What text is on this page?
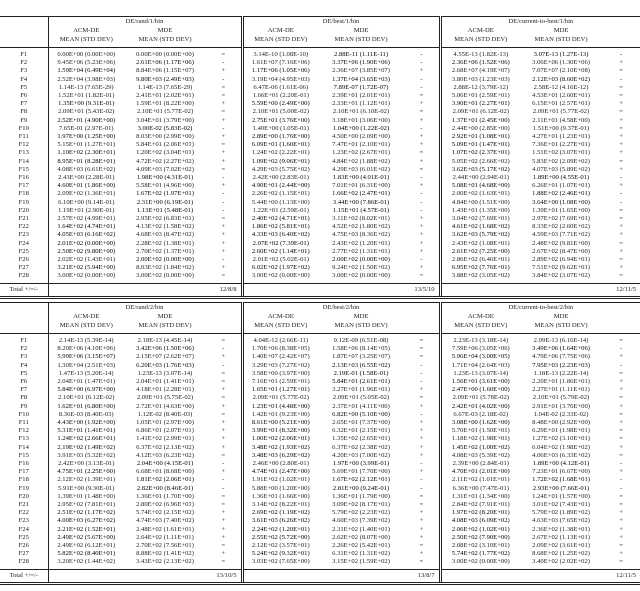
	DE/rand/1/bin			DE/best/1/bin			DE/current-to-best/1/bin		
	ACM-DE	MDE		ACM-DE	MDE		ACM-DE	MDE	
	MEAN (STD DEV)	MEAN (STD DEV)		MEAN (STD DEV)	MEAN (STD DEV)		MEAN (STD DEV)	MEAN (STD DEV)	
F1	0.00E+00 (0.00E+00)	0.00E+00 (0.00E+00)	=	3.14E-10 (1.08E-10)	2.88E-11 (1.11E-11)	-	4.55E-13 (1.82E-13)	3.07E-13 (1.27E-13)	-
F2	9.45E+06 (5.23E+06)	2.61E+06 (1.17E+06)	-	1.61E+07 (7.16E+06)	3.37E+06 (1.90E+06)	-	2.36E+06 (1.52E+06)	3.06E+06 (1.30E+06)	+
F3	1.59E+04 (6.49E+04)	8.84E+06 (1.15E+07)	+	1.17E+06 (1.05E+06)	2.36E+07 (3.85E+07)	+	2.68E+07 (4.19E+07)	7.07E+07 (2.10E+08)	=
F4	2.52E+04 (3.98E+03)	9.80E+03 (2.49E+03)	-	3.19E+04 (4.95E+03)	1.37E+04 (3.65E+03)	-	3.80E+03 (1.23E+03)	2.12E+03 (8.60E+02)	-
F5	1.14E-13 (7.65E-29)	1.14E-13 (7.65E-29)	=	6.47E-06 (1.61E-06)	7.89E-07 (1.72E-07)	-	2.88E-12 (3.79E-12)	2.58E-12 (4.16E-12)	=
F6	1.52E+01 (1.82E-01)	2.41E+01 (2.02E+01)	=	1.66E+01 (2.20E-01)	2.39E+01 (2.01E+01)	=	5.06E+01 (2.59E+01)	4.53E+01 (2.60E+01)	=
F7	1.35E+00 (9.31E-01)	1.59E+01 (8.22E+00)	+	5.59E+00 (2.49E+00)	2.33E+01 (1.12E+01)	+	3.90E+01 (2.27E+01)	6.15E+01 (2.57E+01)	+
F8	2.09E+01 (5.43E-02)	2.10E+01 (5.77E-02)	=	2.10E+01 (5.00E-02)	2.10E+01 (6.10E-02)	=	2.09E+01 (6.12E-02)	2.09E+01 (5.77E-02)	=
F9	2.52E+01 (4.90E+00)	3.04E+01 (3.79E+00)	+	2.75E+01 (3.76E+00)	3.18E+01 (3.06E+00)	+	1.37E+01 (2.45E+00)	2.11E+01 (4.58E+00)	+
F10	7.65E-01 (2.97E-01)	3.00E-02 (5.83E-02)	-	1.40E+00 (1.05E-01)	1.04E+00 (1.22E-02)	-	2.44E+00 (2.85E+00)	1.51E+00 (9.37E-01)	=
F11	1.97E+00 (1.25E+00)	8.03E+00 (2.99E+00)	+	2.89E+00 (1.76E+00)	4.50E+00 (2.09E+00)	+	2.92E+01 (1.08E+01)	4.27E+01 (1.23E+01)	+
F12	5.15E+01 (1.27E+01)	5.84E+01 (2.06E+01)	=	6.09E+01 (1.60E+01)	7.47E+01 (2.10E+01)	+	5.09E+01 (1.47E+01)	7.36E+01 (2.27E+01)	+
F13	1.10E+02 (2.30E+01)	1.20E+02 (3.04E+01)	+	1.24E+02 (2.22E+01)	1.23E+02 (2.67E+01)	=	1.07E+02 (2.37E+01)	1.51E+02 (3.07E+01)	+
F14	8.95E+01 (8.28E+01)	4.72E+02 (2.27E+02)	+	1.09E+02 (9.06E+01)	4.84E+02 (1.88E+02)	+	5.05E+02 (2.66E+02)	5.83E+02 (2.09E+02)	=
F15	4.08E+03 (6.61E+02)	4.09E+03 (7.02E+02)	=	4.29E+03 (5.75E+02)	4.29E+03 (6.01E+02)	=	3.62E+03 (5.17E+02)	4.07E+03 (5.89E+02)	+
F16	2.43E+00 (2.28E-01)	1.98E+00 (4.31E-01)	-	2.42E+00 (2.83E-01)	1.83E+00 (4.01E-01)	-	2.44E+00 (2.94E-01)	1.89E+00 (4.55E-01)	-
F17	4.60E+01 (1.86E+00)	5.58E+01 (4.96E+00)	+	4.90E+01 (2.44E+00)	7.01E+01 (6.31E+00)	+	5.08E+01 (4.68E+00)	6.26E+01 (1.07E+01)	+
F18	2.09E+02 (1.36E+01)	1.67E+02 (1.97E+01)	-	2.26E+02 (1.15E+01)	1.66E+02 (2.47E+01)	-	2.00E+02 (1.63E+01)	1.88E+02 (2.46E+01)	-
F19	6.10E+00 (9.14E-01)	2.31E+00 (6.19E-01)	-	5.44E+00 (1.13E+00)	3.44E+00 (7.86E-01)	-	4.84E+00 (1.51E+00)	3.64E+00 (1.08E+00)	-
F20	1.19E+01 (2.90E-01)	1.13E+01 (5.48E-01)	-	1.22E+01 (2.59E-01)	1.15E+01 (4.57E-01)	-	1.43E+01 (1.35E+00)	1.39E+01 (1.65E+00)	=
F21	2.57E+02 (4.99E+01)	2.95E+02 (6.83E+01)	=	2.40E+02 (4.71E+01)	3.11E+02 (8.02E+01)	+	3.04E+02 (7.69E+01)	2.97E+02 (7.69E+01)	=
F22	1.64E+02 (4.74E+01)	4.13E+02 (1.58E+02)	+	1.86E+02 (5.81E+01)	4.52E+02 (1.80E+02)	+	4.61E+02 (1.68E+02)	8.33E+02 (2.60E+02)	+
F23	4.05E+03 (6.16E+02)	4.68E+03 (8.47E+02)	+	4.33E+03 (6.40E+02)	4.75E+03 (8.36E+02)	+	3.62E+03 (5.79E+02)	4.59E+03 (7.71E+02)	+
F24	2.01E+02 (0.00E+00)	2.28E+02 (1.38E+01)	+	2.07E+02 (7.39E-01)	2.43E+02 (1.20E+01)	+	2.43E+02 (1.08E+01)	2.48E+02 (9.81E+00)	=
F25	2.50E+02 (9.80E+00)	2.70E+02 (1.37E+01)	+	2.60E+02 (1.14E+01)	2.77E+02 (1.31E+01)	+	2.61E+02 (7.25E+00)	2.67E+02 (8.47E+00)	+
F26	2.02E+02 (1.43E+01)	2.00E+02 (0.00E+00)	-	2.01E+02 (5.02E-01)	2.00E+02 (0.00E+00)	-	2.86E+02 (6.46E+01)	2.89E+02 (6.94E+01)	=
F27	3.21E+02 (5.94E+00)	8.03E+02 (1.84E+02)	+	6.02E+02 (1.97E+02)	9.24E+02 (1.50E+02)	+	6.95E+02 (7.76E+01)	7.51E+02 (9.62E+01)	+
F28	3.00E+02 (0.00E+00)	3.00E+02 (0.00E+00)	=	3.00E+02 (0.00E+00)	3.00E+02 (0.00E+00)	=	3.88E+02 (3.05E+02)	3.84E+02 (3.07E+02)	=
Total +/=/-	12/8/8			13/5/10			12/11/5		
	DE/rand/2/bin			DE/best/2/bin			DE/current-to-best/2/bin		
	ACM-DE	MDE		ACM-DE	MDE		ACM-DE	MDE	
	MEAN (STD DEV)	MEAN (STD DEV)		MEAN (STD DEV)	MEAN (STD DEV)		MEAN (STD DEV)	MEAN (STD DEV)	
F1	2.14E-13 (5.39E-14)	2.18E-13 (4.45E-14)	=	4.04E-12 (2.66E-11)	9.12E-09 (6.51E-08)	=	2.23E-13 (3.18E-14)	2.09E-13 (6.16E-14)	=
F2	8.20E+06 (4.10E+06)	3.42E+06 (1.50E+06)	-	1.70E+06 (8.38E+05)	1.58E+06 (8.14E+05)	=	7.59E+06 (3.05E+06)	3.49E+06 (1.64E+06)	-
F3	5.99E+06 (3.15E+07)	2.15E+07 (2.62E+07)	+	1.40E+07 (2.42E+07)	1.87E+07 (3.25E+07)	=	5.96E+04 (3.00E+05)	4.79E+06 (7.75E+06)	+
F4	1.30E+04 (2.51E+03)	6.20E+03 (1.76E+03)	-	3.29E+03 (7.27E+02)	2.13E+03 (6.55E+02)	-	1.71E+04 (2.64E+03)	7.95E+03 (2.23E+03)	-
F5	1.47E-13 (5.20E-14)	1.23E-13 (3.07E-14)	=	3.58E+00 (3.97E+00)	2.19E-01 (1.58E-01)	-	1.23E-13 (3.07E-14)	1.18E-13 (2.22E-14)	=
F6	2.04E+01 (1.47E+01)	2.04E+01 (1.41E+01)	=	7.16E+01 (2.59E+01)	5.84E+01 (2.61E+01)	-	1.56E+01 (3.61E+00)	2.20E+01 (1.86E+01)	+
F7	5.84E+00 (6.97E+00)	4.18E+01 (2.28E+01)	+	1.65E+01 (1.27E+01)	3.27E+01 (1.96E+01)	+	2.47E+00 (1.60E+00)	2.27E+01 (1.11E+01)	+
F8	2.10E+01 (6.12E-02)	2.09E+01 (5.75E-02)	=	2.09E+01 (5.77E-02)	2.09E+01 (5.05E-02)	=	2.09E+01 (5.78E-02)	2.10E+01 (5.79E-02)	=
F9	1.62E+01 (6.80E+00)	2.72E+01 (4.63E+00)	+	1.23E+01 (4.48E+00)	2.37E+01 (4.11E+00)	+	2.42E+01 (4.02E+00)	2.91E+01 (3.76E+00)	+
F10	8.36E-03 (8.40E-03)	1.12E-02 (8.40E-03)	=	1.42E+01 (9.23E+00)	6.82E+00 (5.10E+00)	-	6.67E-03 (2.18E-02)	1.04E-02 (2.33E-02)	=
F11	4.43E+00 (1.92E+00)	1.05E+01 (2.97E+00)	+	8.61E+00 (5.21E+00)	2.65E+01 (7.37E+00)	+	3.08E+00 (1.62E+00)	8.48E+00 (2.92E+00)	+
F12	5.31E+01 (1.41E+01)	6.86E+01 (2.07E+01)	+	3.99E+01 (8.32E+00)	6.32E+01 (2.15E+01)	+	5.70E+01 (1.50E+01)	6.29E+01 (1.98E+01)	=
F13	1.24E+02 (2.66E+01)	1.41E+02 (2.99E+01)	+	1.00E+02 (2.06E+01)	1.35E+02 (2.65E+01)	+	1.18E+02 (1.98E+01)	1.27E+02 (3.10E+01)	=
F14	2.19E+02 (1.49E+02)	6.37E+02 (2.13E+02)	+	3.48E+02 (1.93E+02)	6.37E+02 (2.38E+02)	+	1.45E+02 (1.00E+02)	6.04E+02 (1.98E+02)	+
F15	3.91E+03 (5.32E+02)	4.12E+03 (6.23E+02)	=	3.48E+03 (6.29E+02)	4.20E+03 (7.00E+02)	+	4.08E+03 (5.39E+02)	4.06E+03 (6.33E+02)	=
F16	2.42E+00 (3.13E-01)	2.04E+00 (4.15E-01)	-	2.46E+00 (2.80E-01)	1.97E+00 (3.99E-01)	-	2.39E+00 (2.84E-01)	1.89E+00 (4.12E-01)	-
F17	4.75E+01 (2.25E+00)	6.68E+01 (8.68E+00)	+	4.74E+01 (2.47E+00)	5.69E+01 (7.70E+00)	+	4.70E+01 (2.01E+00)	7.23E+01 (6.67E+00)	+
F18	2.12E+02 (1.39E+01)	1.81E+02 (2.06E+01)	-	1.91E+02 (1.02E+01)	1.67E+02 (2.12E+01)	-	2.11E+02 (1.01E+01)	1.72E+02 (1.68E+01)	-
F19	5.91E+00 (9.30E-01)	2.82E+00 (8.46E-01)	-	5.88E+00 (1.20E+00)	2.81E+00 (9.24E-01)	-	6.36E+00 (7.47E-01)	2.93E+00 (7.66E-01)	-
F20	1.39E+01 (1.48E+00)	1.36E+01 (1.70E+00)	=	1.36E+01 (1.66E+00)	1.36E+01 (1.79E+00)	=	1.31E+01 (1.34E+00)	1.24E+01 (1.57E+00)	=
F21	2.95E+02 (7.81E+01)	2.80E+02 (6.96E+01)	=	3.14E+02 (8.22E+01)	3.09E+02 (8.17E+01)	=	2.84E+02 (7.91E+01)	3.01E+02 (7.43E+01)	=
F22	2.51E+02 (1.17E+02)	5.74E+02 (2.15E+02)	+	2.69E+02 (1.19E+02)	5.79E+02 (2.23E+02)	+	1.97E+02 (8.20E+01)	5.79E+02 (1.89E+02)	+
F23	4.00E+03 (6.27E+02)	4.74E+03 (7.40E+02)	+	3.61E+03 (6.26E+02)	4.60E+03 (7.39E+02)	+	4.08E+03 (6.09E+02)	4.63E+03 (7.65E+02)	+
F24	2.21E+02 (1.52E+01)	2.48E+02 (1.61E+01)	+	2.24E+02 (1.20E+01)	2.31E+02 (1.40E+01)	+	2.06E+02 (1.02E+01)	2.36E+02 (1.38E+01)	+
F25	2.49E+02 (5.67E+00)	2.64E+02 (1.11E+01)	+	2.55E+02 (5.72E+00)	2.62E+02 (8.07E+00)	+	2.50E+02 (7.90E+00)	2.67E+02 (1.13E+01)	+
F26	2.49E+02 (6.12E+01)	2.70E+02 (7.56E+01)	=	2.12E+02 (3.57E+01)	2.26E+02 (5.42E+01)	=	2.08E+02 (3.10E+01)	2.09E+02 (3.61E+01)	=
F27	5.82E+02 (8.40E+01)	8.88E+02 (1.41E+02)	+	5.24E+02 (9.32E+01)	6.31E+02 (1.31E+02)	+	5.74E+02 (1.77E+02)	8.68E+02 (1.25E+02)	+
F28	3.20E+02 (1.44E+02)	3.43E+02 (2.13E+02)	=	3.03E+02 (7.65E+00)	3.15E+02 (1.59E+02)	=	3.00E+02 (0.00E+00)	3.40E+02 (2.02E+02)	=
Total +/=/-	13/10/5			13/8/7			12/11/5		
